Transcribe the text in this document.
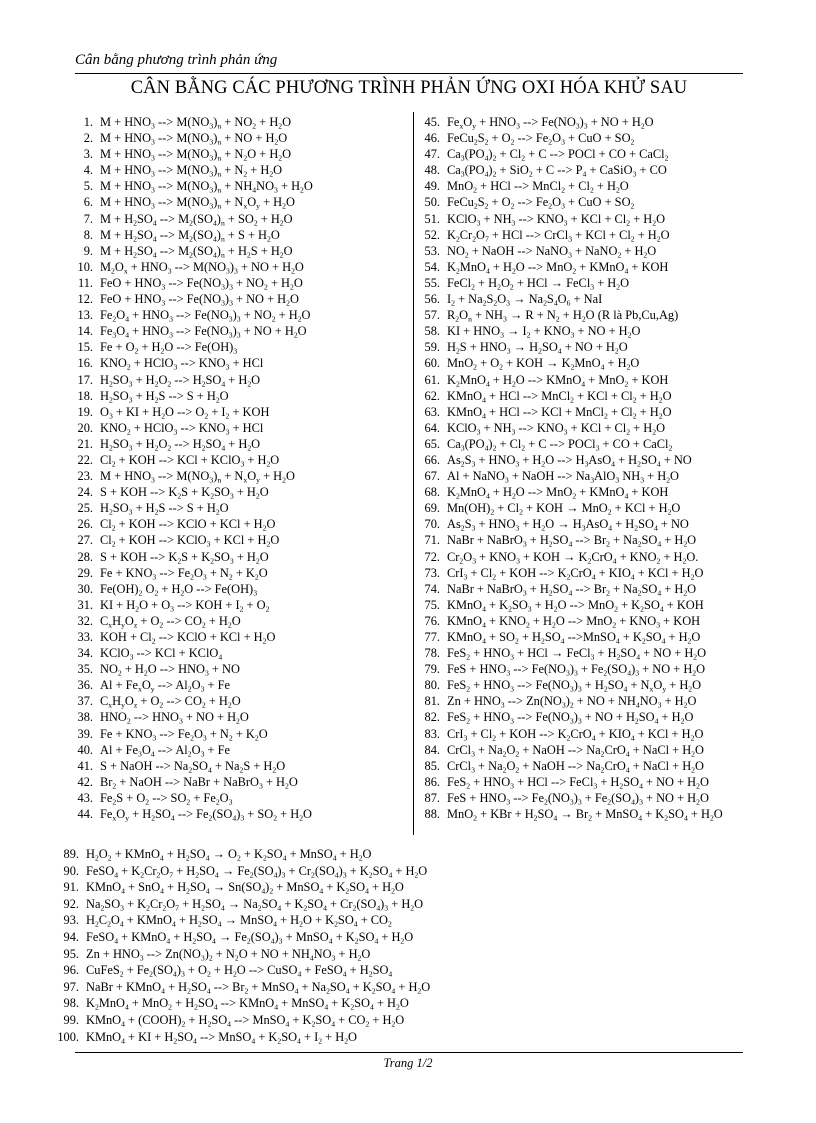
Cân bằng phương trình phản ứng
CÂN BẰNG CÁC PHƯƠNG TRÌNH PHẢN ỨNG OXI HÓA KHỬ SAU
1. $M + HNO_3$ --> $M(NO_3)_n + NO_2 + H_2O$
2. $M + HNO_3$ --> $M(NO_3)_n$ + NO + $H_2O$
3. $M + HNO_3$ --> $M(NO_3)_n + N_2O + H_2O$
4. $M + HNO_3$ --> $M(NO_3)_n + N_2 + H_2O$
5. $M + HNO_3$ --> $M(NO_3)_n + NH_4NO_3 + H_2O$
6. $M + HNO_3$ --> $M(NO_3)_n + N_xO_y + H_2O$
7. $M + H_2SO_4$ --> $M_2(SO_4)_n + SO_2 + H_2O$
8. $M + H_2SO_4$ --> $M_2(SO_4)_n + S + H_2O$
9. $M + H_2SO_4$ --> $M_2(SO_4)_n + H_2S + H_2O$
10. $M_2O_x + HNO_3$ --> $M(NO_3)_3$ + NO + $H_2O$
11. FeO + $HNO_3$ --> $Fe(NO_3)_3 + NO_2 + H_2O$
12. FeO + $HNO_3$ --> $Fe(NO_3)_3$ + NO + $H_2O$
13. $Fe_2O_4 + HNO_3$ --> $Fe(NO_3)_3 + NO_2 + H_2O$
14. $Fe_3O_4 + HNO_3$ --> $Fe(NO_3)_3$ + NO + $H_2O$
15. $Fe + O_2 + H_2O$ --> $Fe(OH)_3$
16. $KNO_2$ + HClO$_3$ --> $KNO_3$ + HCl
17. $H_2SO_3 + H_2O_2$ --> $H_2SO_4 + H_2O$
18. $H_2SO_3 + H_2S$ --> $S + H_2O$
19. $O_3$ + KI + $H_2O$ --> $O_2 + I_2$ + KOH
20. $KNO_2$ + HClO$_3$ --> $KNO_3$ + HCl
21. $H_2SO_3 + H_2O_2$ --> $H_2SO_4 + H_2O$
22. $Cl_2$ + KOH --> KCl + KClO$_3$ + $H_2O$
23. $M + HNO_3$ --> $M(NO_3)_n + N_xO_y + H_2O$
24. S + KOH --> $K_2S + K_2SO_3 + H_2O$
25. $H_2SO_3 + H_2S$ --> $S + H_2O$
26. $Cl_2$ + KOH --> KClO + KCl + $H_2O$
27. $Cl_2$ + KOH --> KClO$_3$ + KCl + $H_2O$
28. S + KOH --> $K_2S + K_2SO_3 + H_2O$
29. $Fe + KNO_3$ --> $Fe_2O_3 + N_2 + K_2O$
30. $Fe(OH)_2$ $O_2 + H_2O$ --> $Fe(OH)_3$
31. KI + $H_2O + O_3$ --> KOH + $I_2 + O_2$
32. $C_xH_yO_z + O_2$ --> $CO_2 + H_2O$
33. KOH + $Cl_2$ --> KClO + KCl + $H_2O$
34. KClO$_3$ --> KCl + KClO$_4$
35. $NO_2 + H_2O$ --> $HNO_3$ + NO
36. $Al + Fe_xO_y$ --> $Al_2O_3 + Fe$
37. $C_xH_yO_z + O_2$ --> $CO_2 + H_2O$
38. $HNO_2$ --> $HNO_3$ + NO + $H_2O$
39. $Fe + KNO_3$ --> $Fe_2O_3 + N_2 + K_2O$
40. $Al + Fe_3O_4$ --> $Al_2O_3 + Fe$
41. S + NaOH --> $Na_2SO_4 + Na_2S + H_2O$
42. $Br_2$ + NaOH --> NaBr + NaBrO$_3$ + $H_2O$
43. $Fe_2S + O_2$ --> $SO_2 + Fe_2O_3$
44. $Fe_xO_y + H_2SO_4$ --> $Fe_2(SO_4)_3 + SO_2 + H_2O$
45. $Fe_xO_y + HNO_3$ --> $Fe(NO_3)_3$ + NO + $H_2O$
46. $FeCu_2S_2 + O_2$ --> $Fe_2O_3$ + CuO + $SO_2$
47. $Ca_3(PO_4)_2 + Cl_2 + C$ --> POCl + CO + CaCl$_2$
48. $Ca_3(PO_4)_2 + SiO_2 + C$ --> $P_4$ + CaSiO$_3$ + CO
49. MnO$_2$ + HCl --> MnCl$_2$ + $Cl_2 + H_2O$
50. $FeCu_2S_2 + O_2$ --> $Fe_2O_3$ + CuO + $SO_2$
51. KClO$_3$ + $NH_3$ --> $KNO_3$ + KCl + $Cl_2 + H_2O$
52. $K_2Cr_2O_7$ + HCl --> CrCl$_3$ + KCl + $Cl_2 + H_2O$
53. $NO_2$ + NaOH --> NaNO$_3$ + NaNO$_2$ + $H_2O$
54. $K_2MnO_4 + H_2O$ --> MnO$_2$ + KMnO$_4$ + KOH
55. FeCl$_2$ + $H_2O_2$ + HCl → FeCl$_3$ + $H_2O$
56. $I_2 + Na_2S_2O_3 \to Na_2S_4O_6$ + NaI
57. $R_2O_n + NH_3 \to R + N_2 + H_2O$ (R là Pb,Cu,Ag)
58. KI + $HNO_3 \to I_2 + KNO_3$ + NO + $H_2O$
59. $H_2S + HNO_3 \to H_2SO_4$ + NO + $H_2O$
60. $MnO_2 + O_2$ + KOH → $K_2MnO_4 + H_2O$
61. $K_2MnO_4 + H_2O$ --> KMnO$_4$ + MnO$_2$ + KOH
62. KMnO$_4$ + HCl --> MnCl$_2$ + KCl + $Cl_2 + H_2O$
63. KMnO$_4$ + HCl --> KCl + MnCl$_2$ + $Cl_2 + H_2O$
64. KClO$_3$ + $NH_3$ --> $KNO_3$ + KCl + $Cl_2 + H_2O$
65. $Ca_3(PO_4)_2 + Cl_2 + C$ --> POCl$_3$ + CO + CaCl$_2$
66. $As_2S_3 + HNO_3 + H_2O$ --> $H_3AsO_4 + H_2SO_4$ + NO
67. Al + NaNO$_3$ + NaOH --> $Na_3AlO_3$ $NH_3 + H_2O$
68. $K_2MnO_4 + H_2O$ --> MnO$_2$ + KMnO$_4$ + KOH
69. $Mn(OH)_2 + Cl_2$ + KOH → MnO$_2$ + KCl + $H_2O$
70. $As_2S_3 + HNO_3 + H_2O \to H_3AsO_4 + H_2SO_4$ + NO
71. NaBr + NaBrO$_3$ + $H_2SO_4$ --> $Br_2 + Na_2SO_4 + H_2O$
72. $Cr_2O_3 + KNO_3$ + KOH → $K_2CrO_4 + KNO_2 + H_2O$.
73. $CrI_3 + Cl_2$ + KOH --> $K_2CrO_4 + KIO_4$ + KCl + $H_2O$
74. NaBr + NaBrO$_3$ + $H_2SO_4$ --> $Br_2 + Na_2SO_4 + H_2O$
75. KMnO$_4$ + $K_2SO_3 + H_2O$ --> $MnO_2 + K_2SO_4$ + KOH
76. KMnO$_4$ + $KNO_2 + H_2O$ --> $MnO_2 + KNO_3$ + KOH
77. KMnO$_4$ + $SO_2 + H_2SO_4$ -->MnSO$_4$ + $K_2SO_4 + H_2O$
78. $FeS_2 + HNO_3$ + HCl → FeCl$_3$ + $H_2SO_4$ + NO + $H_2O$
79. FeS + $HNO_3$ --> $Fe(NO_3)_3 + Fe_2(SO_4)_3$ + NO + $H_2O$
80. $FeS_2 + HNO_3$ --> $Fe(NO_3)_3 + H_2SO_4 + N_xO_y + H_2O$
81. $Zn + HNO_3$ --> $Zn(NO_3)_2$ + NO + $NH_4NO_3 + H_2O$
82. $FeS_2 + HNO_3$ --> $Fe(NO_3)_3$ + NO + $H_2SO_4 + H_2O$
83. $CrI_3 + Cl_2$ + KOH --> $K_2CrO_4 + KIO_4$ + KCl + $H_2O$
84. CrCl$_3$ + $Na_2O_2$ + NaOH --> $Na_2CrO_4$ + NaCl + $H_2O$
85. CrCl$_3$ + $Na_2O_2$ + NaOH --> $Na_2CrO_4$ + NaCl + $H_2O$
86. $FeS_2 + HNO_3$ + HCl --> FeCl$_3$ + $H_2SO_4$ + NO + $H_2O$
87. FeS + $HNO_3$ --> $Fe_2(NO_3)_3 + Fe_2(SO_4)_3$ + NO + $H_2O$
88. MnO$_2$ + KBr + $H_2SO_4 \to Br_2$ + MnSO$_4$ + $K_2SO_4 + H_2O$
89. $H_2O_2$ + KMnO$_4$ + $H_2SO_4 \to O_2 + K_2SO_4$ + MnSO$_4$ + $H_2O$
90. FeSO$_4$ + $K_2Cr_2O_7 + H_2SO_4 \to Fe_2(SO_4)_3 + Cr_2(SO_4)_3 + K_2SO_4 + H_2O$
91. KMnO$_4$ + $SnO_4 + H_2SO_4 \to Sn(SO_4)_2$ + MnSO$_4$ + $K_2SO_4 + H_2O$
92. $Na_2SO_3 + K_2Cr_2O_7 + H_2SO_4 \to Na_2SO_4 + K_2SO_4 + Cr_2(SO_4)_3 + H_2O$
93. $H_2C_2O_4$ + KMnO$_4$ + $H_2SO_4$ → MnSO$_4$ + $H_2O + K_2SO_4 + CO_2$
94. FeSO$_4$ + KMnO$_4$ + $H_2SO_4 \to Fe_2(SO_4)_3$ + MnSO$_4$ + $K_2SO_4 + H_2O$
95. $Zn + HNO_3$ --> $Zn(NO_3)_2 + N_2O$ + NO + $NH_4NO_3 + H_2O$
96. CuFeS$_2$ + $Fe_2(SO_4)_3 + O_2 + H_2O$ --> CuSO$_4$ + FeSO$_4$ + $H_2SO_4$
97. NaBr + KMnO$_4$ + $H_2SO_4$ --> $Br_2$ + MnSO$_4$ + $Na_2SO_4 + K_2SO_4 + H_2O$
98. $K_2MnO_4 + MnO_2 + H_2SO_4$ --> KMnO$_4$ + MnSO$_4$ + $K_2SO_4 + H_2O$
99. KMnO$_4$ + $(COOH)_2 + H_2SO_4$ --> MnSO$_4$ + $K_2SO_4 + CO_2 + H_2O$
100. KMnO$_4$ + KI + $H_2SO_4$ --> MnSO$_4$ + $K_2SO_4 + I_2 + H_2O$
Trang 1/2
